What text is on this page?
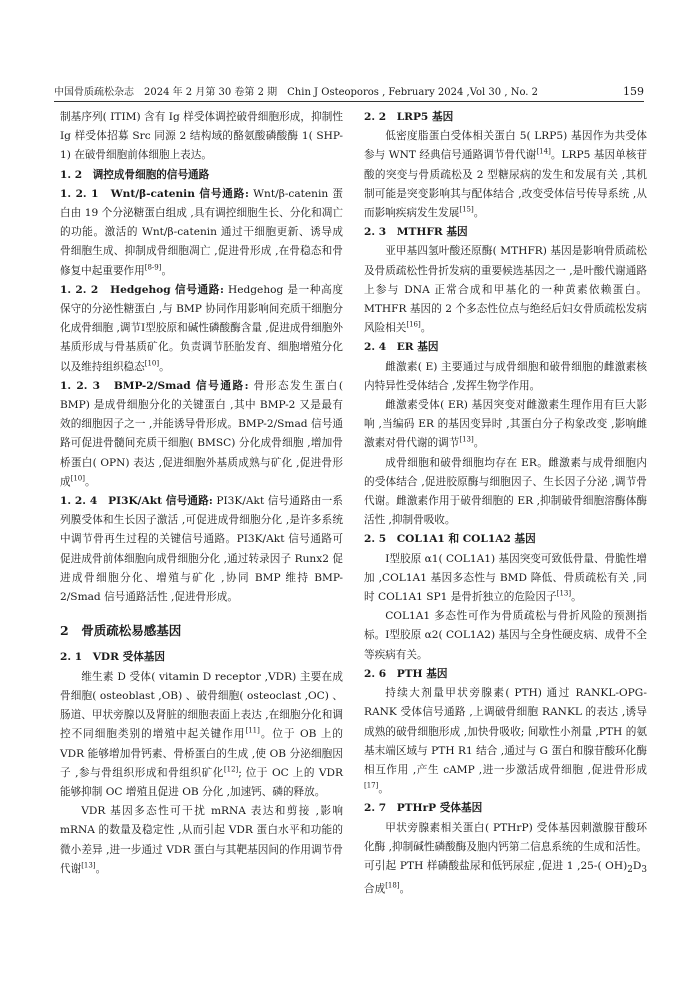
中国骨质疏松杂志　2024 年 2 月第 30 卷第 2 期　Chin J Osteoporos , February 2024 ,Vol 30 , No. 2	159

制基序列( ITIM) 含有 Ig 样受体调控破骨细胞形成，抑制性 Ig 样受体招募 Src 同源 2 结构域的酪氨酸磷酸酶 1( SHP-1) 在破骨细胞前体细胞上表达。

1. 2　调控成骨细胞的信号通路

1. 2. 1　Wnt/β-catenin 信号通路: Wnt/β-catenin 蛋白由 19 个分泌糖蛋白组成 ,具有调控细胞生长、分化和凋亡的功能。激活的 Wnt/β-catenin 通过干细胞更新、诱导成骨细胞生成、抑制成骨细胞凋亡 ,促进骨形成 ,在骨稳态和骨修复中起重要作用[8-9]。

1. 2. 2　Hedgehog 信号通路: Hedgehog 是一种高度保守的分泌性糖蛋白 ,与 BMP 协同作用影响间充质干细胞分化成骨细胞 ,调节Ⅰ型胶原和碱性磷酸酶含量 ,促进成骨细胞外基质形成与骨基质矿化。负责调节胚胎发育、细胞增殖分化以及维持组织稳态[10]。

1. 2. 3　BMP-2/Smad 信号通路: 骨形态发生蛋白( BMP) 是成骨细胞分化的关键蛋白 ,其中 BMP-2 又是最有效的细胞因子之一 ,并能诱导骨形成。BMP-2/Smad 信号通路可促进骨髓间充质干细胞( BMSC) 分化成骨细胞 ,增加骨桥蛋白( OPN) 表达 ,促进细胞外基质成熟与矿化 ,促进骨形成[10]。

1. 2. 4　PI3K/Akt 信号通路: PI3K/Akt 信号通路由一系列膜受体和生长因子激活 ,可促进成骨细胞分化 ,是许多系统中调节骨再生过程的关键信号通路。PI3K/Akt 信号通路可促进成骨前体细胞向成骨细胞分化 ,通过转录因子 Runx2 促进成骨细胞分化、增殖与矿化 ,协同 BMP 维持 BMP-2/Smad 信号通路活性 ,促进骨形成。

2　骨质疏松易感基因

2. 1　VDR 受体基因

维生素 D 受体( vitamin D receptor ,VDR) 主要在成骨细胞( osteoblast ,OB) 、破骨细胞( osteoclast ,OC) 、肠道、甲状旁腺以及肾脏的细胞表面上表达 ,在细胞分化和调控不同细胞类别的增殖中起关键作用[11]。位于 OB 上的 VDR 能够增加骨钙素、骨桥蛋白的生成 ,使 OB 分泌细胞因子 ,参与骨组织形成和骨组织矿化[12]; 位于 OC 上的 VDR 能够抑制 OC 增殖且促进 OB 分化 ,加速钙、磷的释放。

VDR 基因多态性可干扰 mRNA 表达和剪接 ,影响 mRNA 的数量及稳定性 ,从而引起 VDR 蛋白水平和功能的微小差异 ,进一步通过 VDR 蛋白与其靶基因间的作用调节骨代谢[13]。

2. 2　LRP5 基因

低密度脂蛋白受体相关蛋白 5( LRP5) 基因作为共受体参与 WNT 经典信号通路调节骨代谢[14]。LRP5 基因单核苷酸的突变与骨质疏松及 2 型糖尿病的发生和发展有关 ,其机制可能是突变影响其与配体结合 ,改变受体信号传导系统 ,从而影响疾病发生发展[15]。

2. 3　MTHFR 基因

亚甲基四氢叶酸还原酶( MTHFR) 基因是影响骨质疏松及骨质疏松性骨折发病的重要候选基因之一 ,是叶酸代谢通路上参与 DNA 正常合成和甲基化的一种黄素依赖蛋白。MTHFR 基因的 2 个多态性位点与绝经后妇女骨质疏松发病风险相关[16]。

2. 4　ER 基因

雌激素( E) 主要通过与成骨细胞和破骨细胞的雌激素核内特异性受体结合 ,发挥生物学作用。

雌激素受体( ER) 基因突变对雌激素生理作用有巨大影响 ,当编码 ER 的基因变异时 ,其蛋白分子构象改变 ,影响雌激素对骨代谢的调节[13]。

成骨细胞和破骨细胞均存在 ER。雌激素与成骨细胞内的受体结合 ,促进胶原酶与细胞因子、生长因子分泌 ,调节骨代谢。雌激素作用于破骨细胞的 ER ,抑制破骨细胞溶酶体酶活性 ,抑制骨吸收。

2. 5　COL1A1 和 COL1A2 基因

Ⅰ型胶原 α1( COL1A1) 基因突变可致低骨量、骨脆性增加 ,COL1A1 基因多态性与 BMD 降低、骨质疏松有关 ,同时 COL1A1 SP1 是骨折独立的危险因子[13]。

COL1A1 多态性可作为骨质疏松与骨折风险的预测指标。Ⅰ型胶原 α2( COL1A2) 基因与全身性硬皮病、成骨不全等疾病有关。

2. 6　PTH 基因

持续大剂量甲状旁腺素( PTH) 通过 RANKL-OPG-RANK 受体信号通路 ,上调破骨细胞 RANKL 的表达 ,诱导成熟的破骨细胞形成 ,加快骨吸收; 间歇性小剂量 ,PTH 的氨基末端区域与 PTH R1 结合 ,通过与 G 蛋白和腺苷酸环化酶相互作用 ,产生 cAMP ,进一步激活成骨细胞 ,促进骨形成[17]。

2. 7　PTHrP 受体基因

甲状旁腺素相关蛋白( PTHrP) 受体基因刺激腺苷酸环化酶 ,抑制碱性磷酸酶及胞内钙第二信息系统的生成和活性。可引起 PTH 样磷酸盐尿和低钙尿症 ,促进 1 ,25-( $OH)_2D_3$ 合成[18]。
